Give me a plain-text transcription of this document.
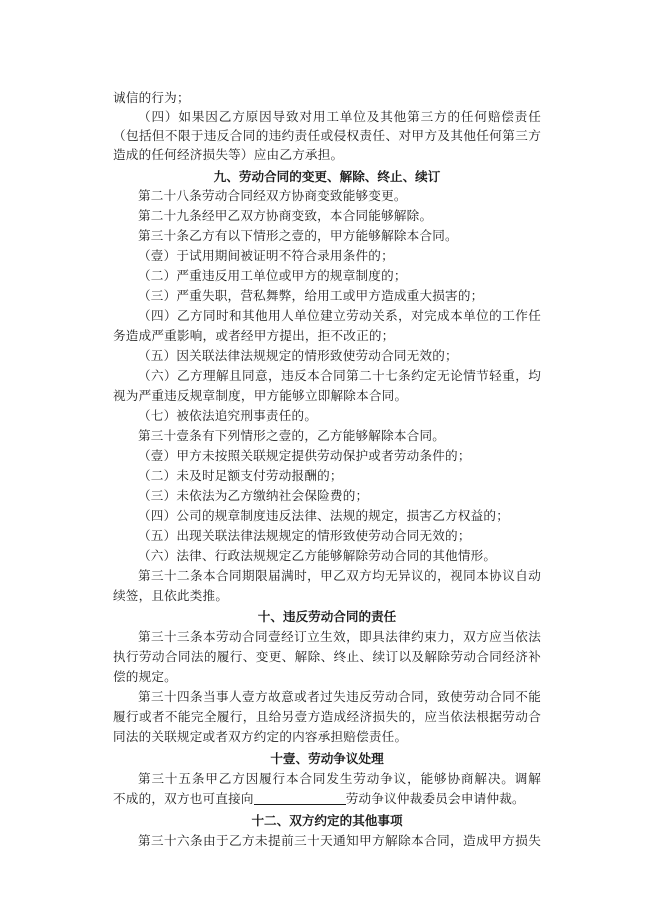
诚信的行为；
（四）如果因乙方原因导致对用工单位及其他第三方的任何赔偿责任
（包括但不限于违反合同的违约责任或侵权责任、对甲方及其他任何第三方
造成的任何经济损失等）应由乙方承担。
九、劳动合同的变更、解除、终止、续订
第二十八条劳动合同经双方协商变致能够变更。
第二十九条经甲乙双方协商变致，本合同能够解除。
第三十条乙方有以下情形之壹的，甲方能够解除本合同。
（壹）于试用期间被证明不符合录用条件的；
（二）严重违反用工单位或甲方的规章制度的；
（三）严重失职，营私舞弊，给用工或甲方造成重大损害的；
（四）乙方同时和其他用人单位建立劳动关系，对完成本单位的工作任
务造成严重影响，或者经甲方提出，拒不改正的；
（五）因关联法律法规规定的情形致使劳动合同无效的；
（六）乙方理解且同意，违反本合同第二十七条约定无论情节轻重，均
视为严重违反规章制度，甲方能够立即解除本合同。
（七）被依法追究刑事责任的。
第三十壹条有下列情形之壹的，乙方能够解除本合同。
（壹）甲方未按照关联规定提供劳动保护或者劳动条件的；
（二）未及时足额支付劳动报酬的；
（三）未依法为乙方缴纳社会保险费的；
（四）公司的规章制度违反法律、法规的规定，损害乙方权益的；
（五）出现关联法律法规规定的情形致使劳动合同无效的；
（六）法律、行政法规规定乙方能够解除劳动合同的其他情形。
第三十二条本合同期限届满时，甲乙双方均无异议的，视同本协议自动
续签，且依此类推。
十、违反劳动合同的责任
第三十三条本劳动合同壹经订立生效，即具法律约束力，双方应当依法
执行劳动合同法的履行、变更、解除、终止、续订以及解除劳动合同经济补
偿的规定。
第三十四条当事人壹方故意或者过失违反劳动合同，致使劳动合同不能
履行或者不能完全履行，且给另壹方造成经济损失的，应当依法根据劳动合
同法的关联规定或者双方约定的内容承担赔偿责任。
十壹、劳动争议处理
第三十五条甲乙方因履行本合同发生劳动争议，能够协商解决。调解
不成的，双方也可直接向	劳动争议仲裁委员会申请仲裁。
十二、双方约定的其他事项
第三十六条由于乙方未提前三十天通知甲方解除本合同，造成甲方损失
